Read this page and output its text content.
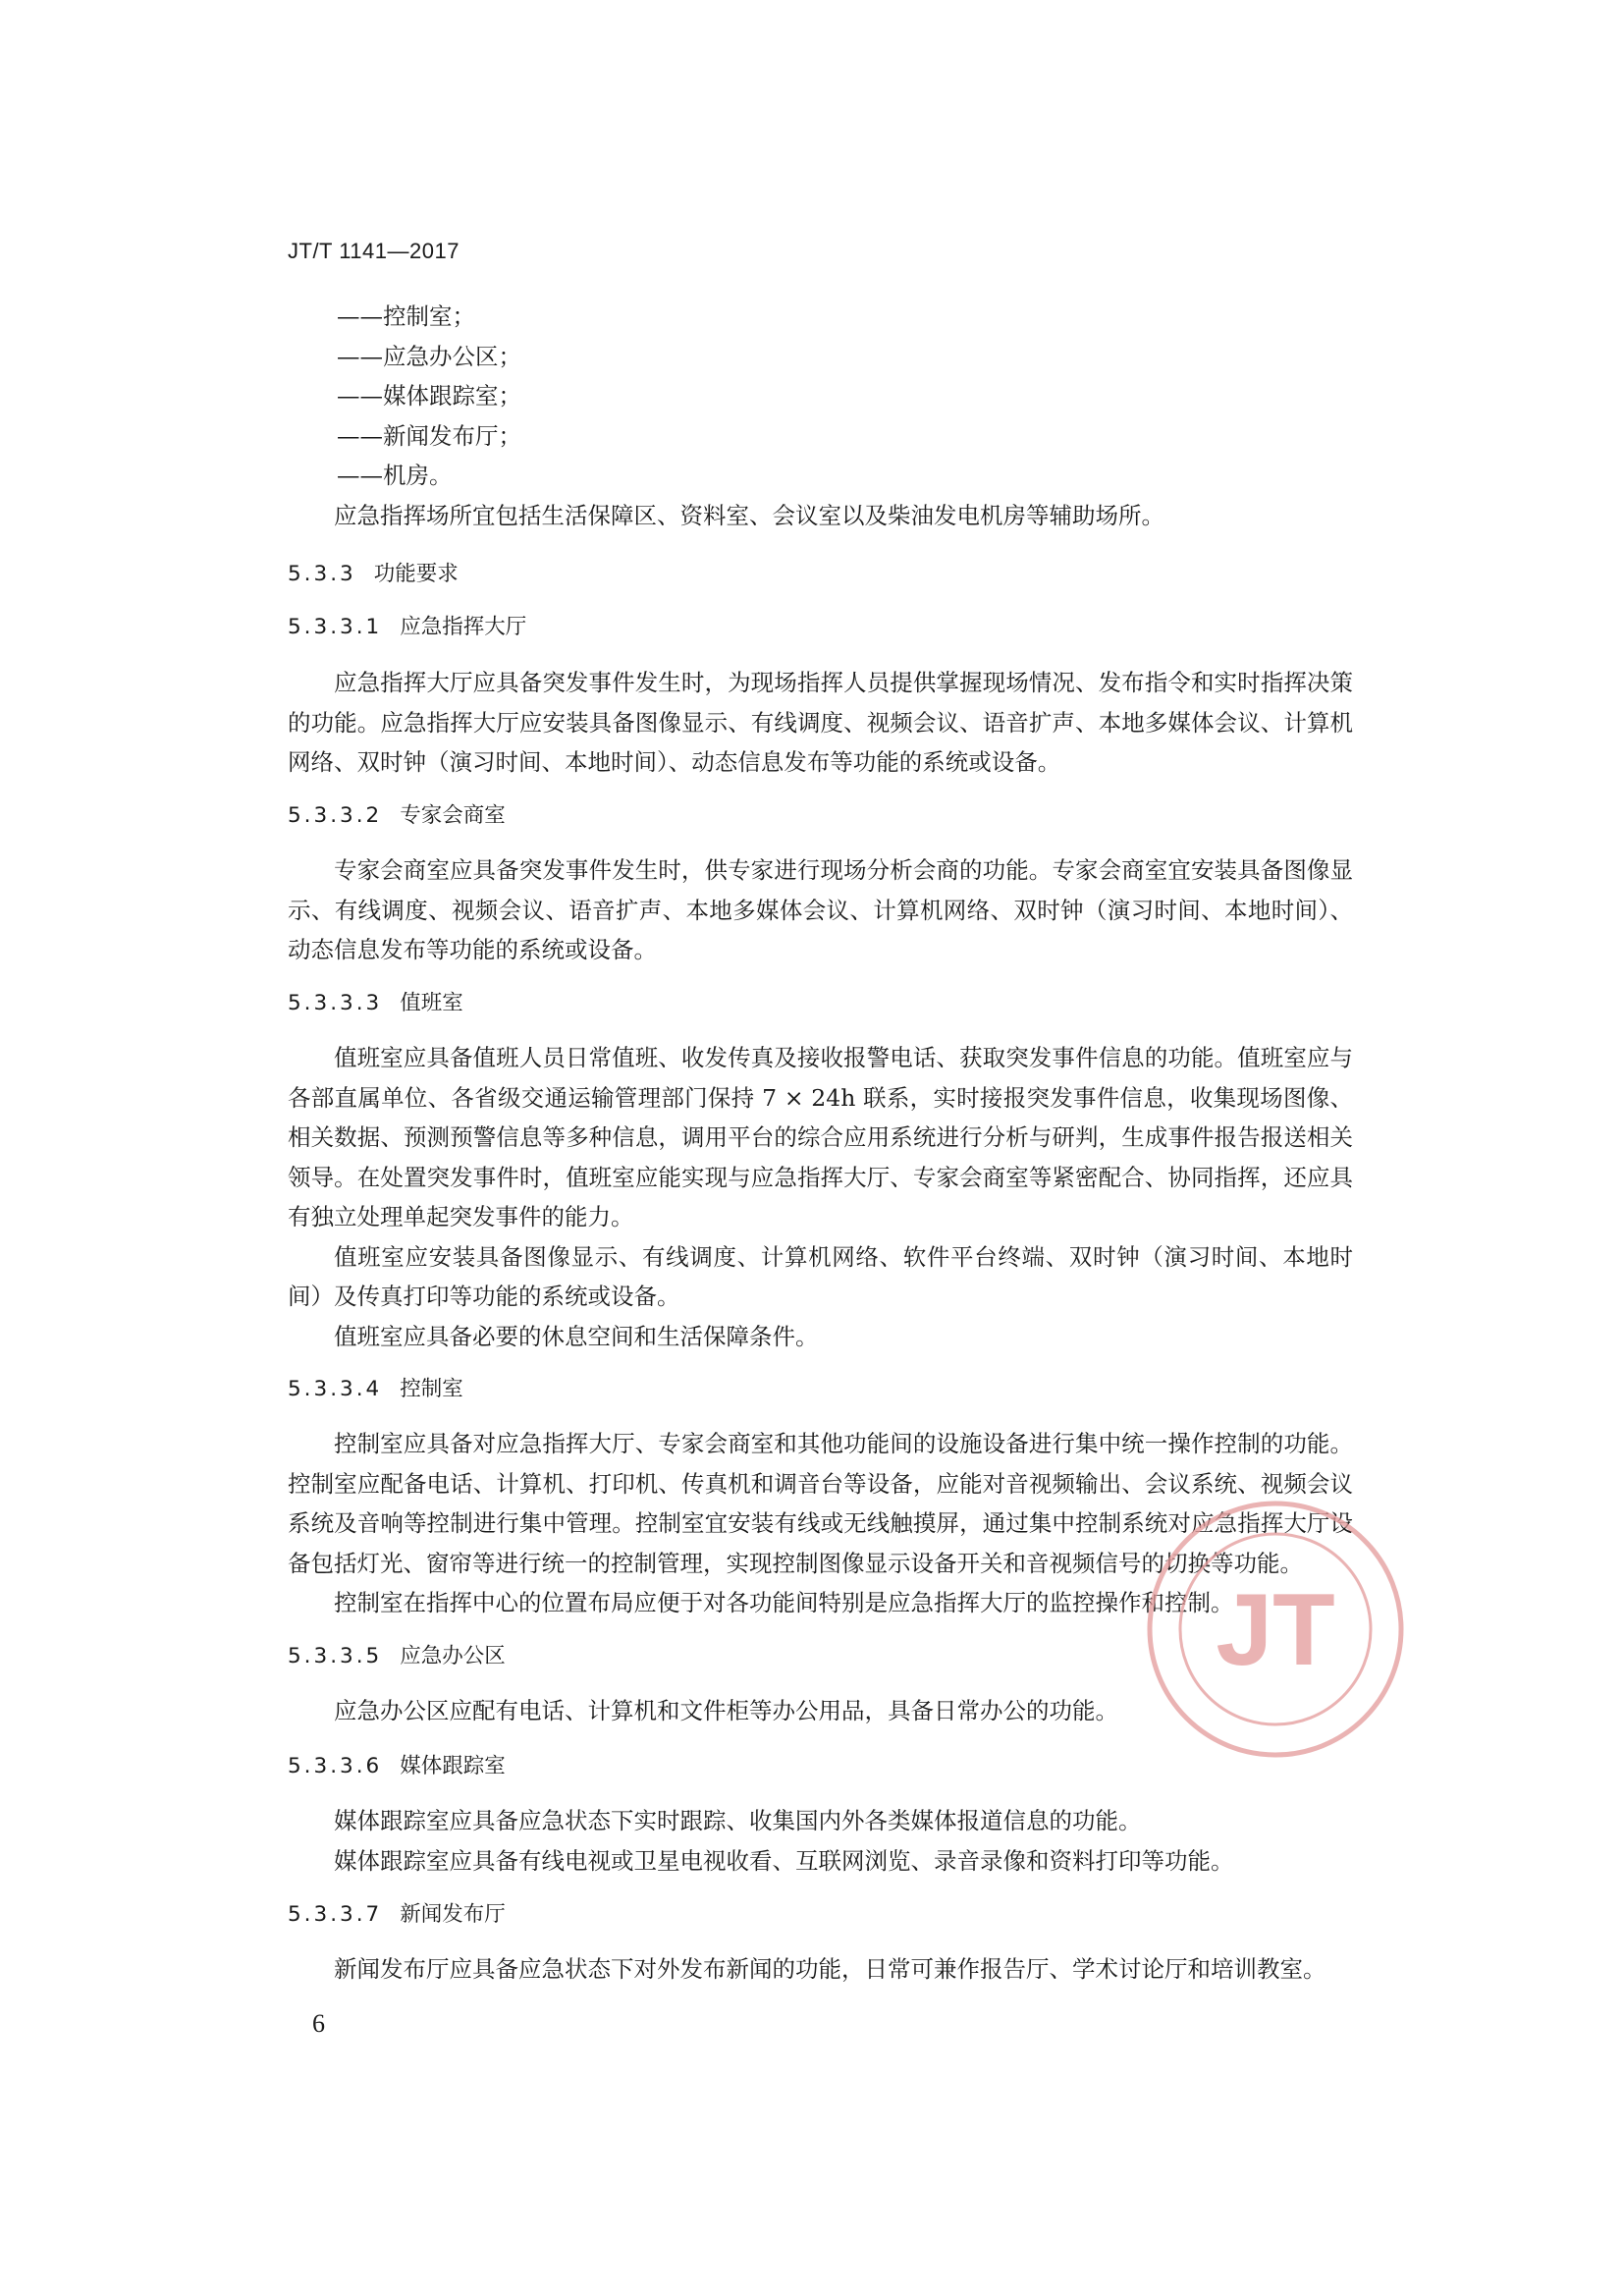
JT/T 1141—2017
——控制室；
——应急办公区；
——媒体跟踪室；
——新闻发布厅；
——机房。

应急指挥场所宜包括生活保障区、资料室、会议室以及柴油发电机房等辅助场所。

5.3.3 功能要求
5.3.3.1 应急指挥大厅

应急指挥大厅应具备突发事件发生时，为现场指挥人员提供掌握现场情况、发布指令和实时指挥决策的功能。应急指挥大厅应安装具备图像显示、有线调度、视频会议、语音扩声、本地多媒体会议、计算机网络、双时钟（演习时间、本地时间）、动态信息发布等功能的系统或设备。

5.3.3.2 专家会商室

专家会商室应具备突发事件发生时，供专家进行现场分析会商的功能。专家会商室宜安装具备图像显示、有线调度、视频会议、语音扩声、本地多媒体会议、计算机网络、双时钟（演习时间、本地时间）、动态信息发布等功能的系统或设备。

5.3.3.3 值班室

值班室应具备值班人员日常值班、收发传真及接收报警电话、获取突发事件信息的功能。值班室应与各部直属单位、各省级交通运输管理部门保持 7 × 24h 联系，实时接报突发事件信息，收集现场图像、相关数据、预测预警信息等多种信息，调用平台的综合应用系统进行分析与研判，生成事件报告报送相关领导。在处置突发事件时，值班室应能实现与应急指挥大厅、专家会商室等紧密配合、协同指挥，还应具有独立处理单起突发事件的能力。

值班室应安装具备图像显示、有线调度、计算机网络、软件平台终端、双时钟（演习时间、本地时间）及传真打印等功能的系统或设备。

值班室应具备必要的休息空间和生活保障条件。

5.3.3.4 控制室

控制室应具备对应急指挥大厅、专家会商室和其他功能间的设施设备进行集中统一操作控制的功能。控制室应配备电话、计算机、打印机、传真机和调音台等设备，应能对音视频输出、会议系统、视频会议系统及音响等控制进行集中管理。控制室宜安装有线或无线触摸屏，通过集中控制系统对应急指挥大厅设备包括灯光、窗帘等进行统一的控制管理，实现控制图像显示设备开关和音视频信号的切换等功能。

控制室在指挥中心的位置布局应便于对各功能间特别是应急指挥大厅的监控操作和控制。

5.3.3.5 应急办公区

应急办公区应配有电话、计算机和文件柜等办公用品，具备日常办公的功能。

5.3.3.6 媒体跟踪室

媒体跟踪室应具备应急状态下实时跟踪、收集国内外各类媒体报道信息的功能。

媒体跟踪室应具备有线电视或卫星电视收看、互联网浏览、录音录像和资料打印等功能。

5.3.3.7 新闻发布厅

新闻发布厅应具备应急状态下对外发布新闻的功能，日常可兼作报告厅、学术讨论厅和培训教室。

6
JT
